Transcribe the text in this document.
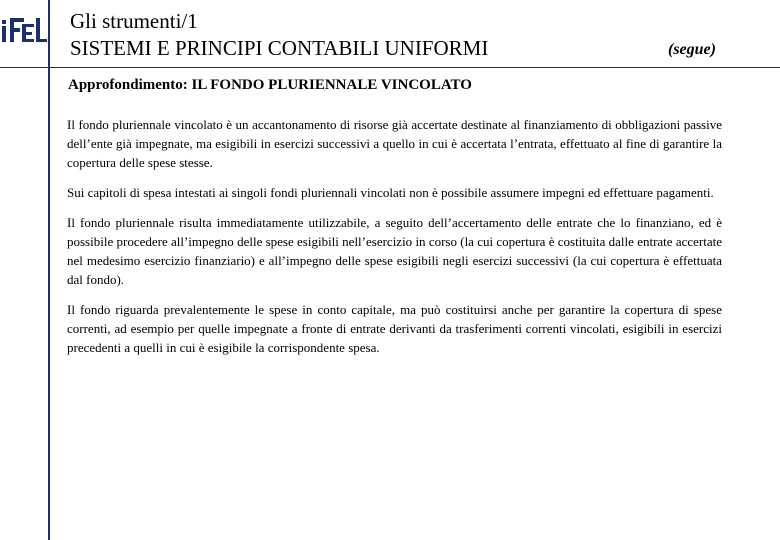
Gli strumenti/1
SISTEMI E PRINCIPI CONTABILI UNIFORMI	(segue)
Approfondimento: IL FONDO PLURIENNALE VINCOLATO

Il fondo pluriennale vincolato è un accantonamento di risorse già accertate destinate al finanziamento di obbligazioni passive dell’ente già impegnate, ma esigibili in esercizi successivi a quello in cui è accertata l’entrata, effettuato al fine di garantire la copertura delle spese stesse.

Sui capitoli di spesa intestati ai singoli fondi pluriennali vincolati non è possibile assumere impegni ed effettuare pagamenti.

Il fondo pluriennale risulta immediatamente utilizzabile, a seguito dell’accertamento delle entrate che lo finanziano, ed è possibile procedere all’impegno delle spese esigibili nell’esercizio in corso (la cui copertura è costituita dalle entrate accertate nel medesimo esercizio finanziario) e all’impegno delle spese esigibili negli esercizi successivi (la cui copertura è effettuata dal fondo).

Il fondo riguarda prevalentemente le spese in conto capitale, ma può costituirsi anche per garantire la copertura di spese correnti, ad esempio per quelle impegnate a fronte di entrate derivanti da trasferimenti correnti vincolati, esigibili in esercizi precedenti a quelli in cui è esigibile la corrispondente spesa.
